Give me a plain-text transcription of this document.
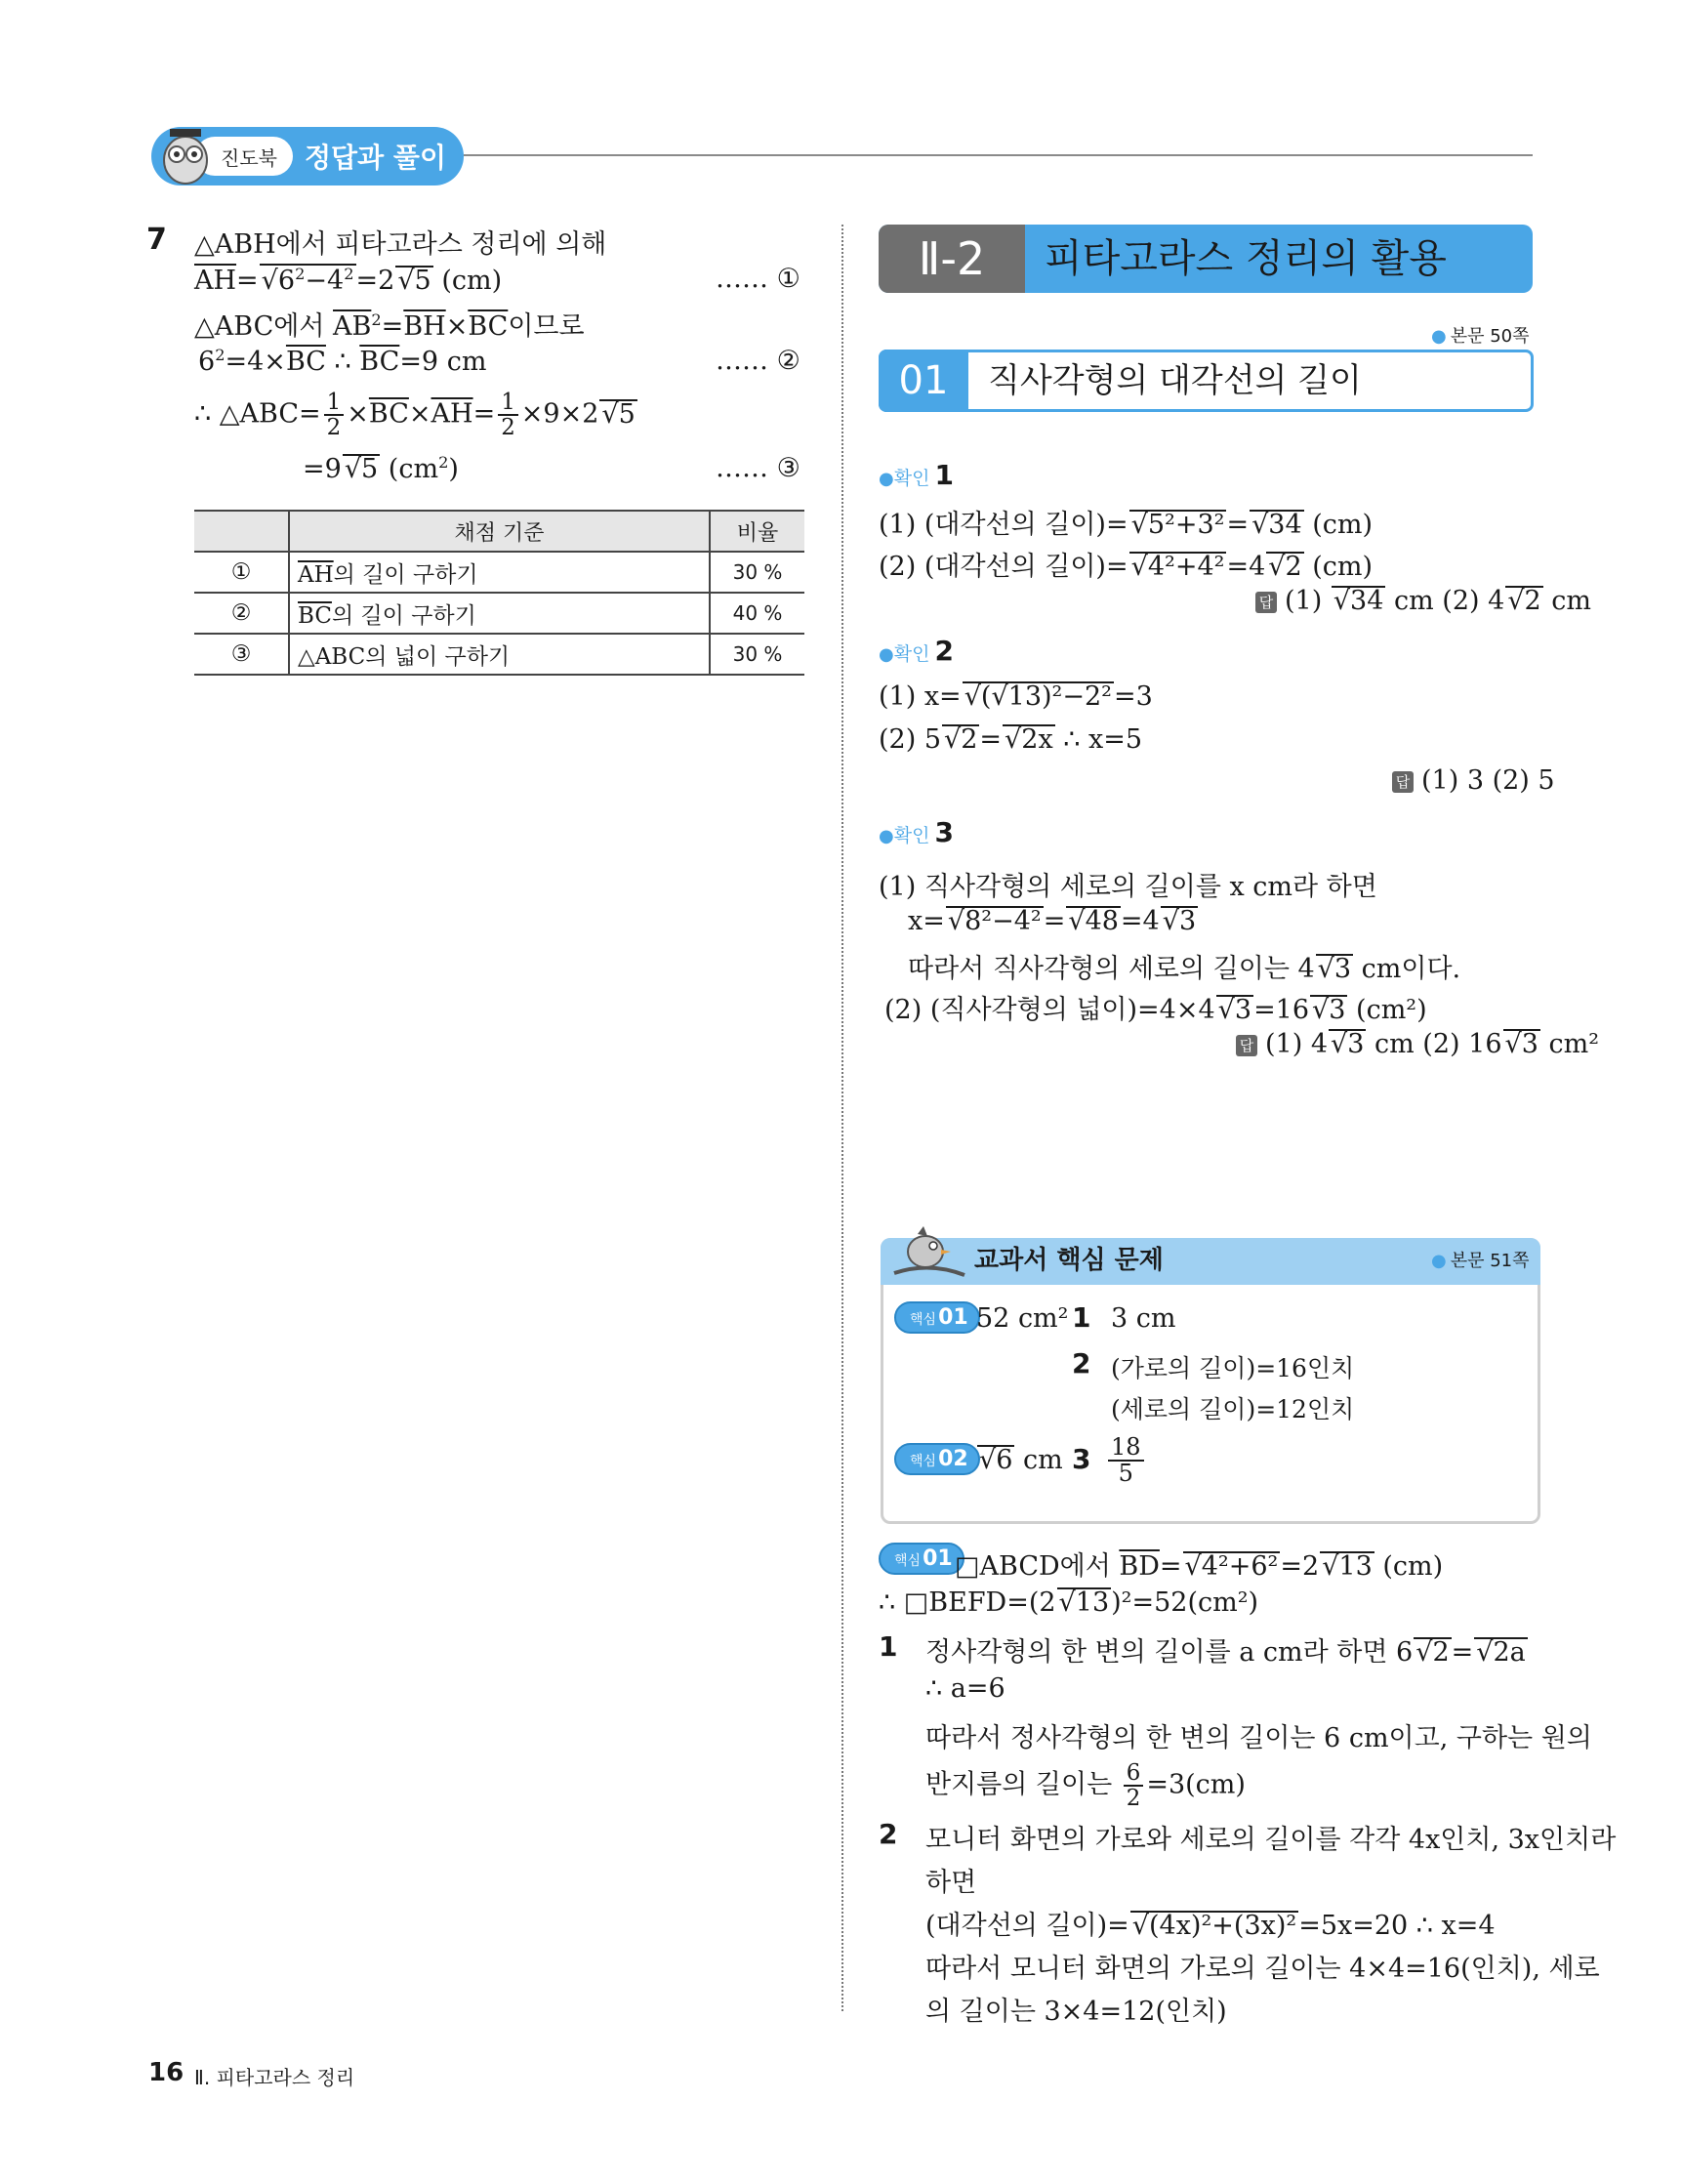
진도북 정답과 풀이
7 △ABH에서 피타고라스 정리에 의해
$\overline{AH}=$ √ $6^2-4^2=2$ √ 5 (cm)	…… ①
△ABC에서 $\overline{AB}^2=\overline{BH}\times\overline{BC}$이므로
$6^2=4\times\overline{BC}$ ∴ $\overline{BC}=9$ cm	…… ②
∴ △ABC= $\frac{1}{2} \times\overline{BC}\times\overline{AH}= \frac{1}{2} \times 9\times 2$ √ 5
=9 √ 5 $(cm^2)$	…… ③
	채점 기준	비율
①	$\overline{AH}$의 길이 구하기	30 %
②	$\overline{BC}$의 길이 구하기	40 %
③	△ABC의 넓이 구하기	30 %
Ⅱ-2	피타고라스 정리의 활용
● 본문 50쪽
01	직사각형의 대각선의 길이
●확인 1
(1) (대각선의 길이)= √ 5²+3²= √ 34 (cm)
(2) (대각선의 길이)= √ 4²+4²=4 √ 2 (cm)
답 (1) √ 34 cm (2) 4 √ 2 cm
●확인 2
(1) x= √ (√13)²−2²=3
(2) 5 √ 2= √ 2x ∴ x=5
답 (1) 3 (2) 5
●확인 3
(1) 직사각형의 세로의 길이를 x cm라 하면
x= √ 8²−4²= √ 48=4 √ 3
따라서 직사각형의 세로의 길이는 4 √ 3 cm이다.
(2) (직사각형의 넓이)=4×4 √ 3=16 √ 3 (cm²)
답 (1) 4 √ 3 cm (2) 16 √ 3 cm²
교과서 핵심 문제	● 본문 51쪽
핵심01 52 cm² 1 3 cm
2 (가로의 길이)=16인치
(세로의 길이)=12인치
핵심02	√ 6 cm $3 \frac{18}{5}$
핵심01 □ABCD에서 $\overline{BD}=$ √ 4²+6²=2 √ 13 (cm)
∴ □BEFD=(2 √ 13)²=52(cm²)
1 정사각형의 한 변의 길이를 a cm라 하면 6 √ 2= √ 2a
∴ a=6
따라서 정사각형의 한 변의 길이는 6 cm이고, 구하는 원의
반지름의 길이는 $\frac{6}{2} =3(cm)$
2 모니터 화면의 가로와 세로의 길이를 각각 4x인치, 3x인치라
하면
(대각선의 길이)= √ (4x)²+(3x)²=5x=20 ∴ x=4
따라서 모니터 화면의 가로의 길이는 4×4=16(인치), 세로
의 길이는 3×4=12(인치)
16 Ⅱ. 피타고라스 정리
